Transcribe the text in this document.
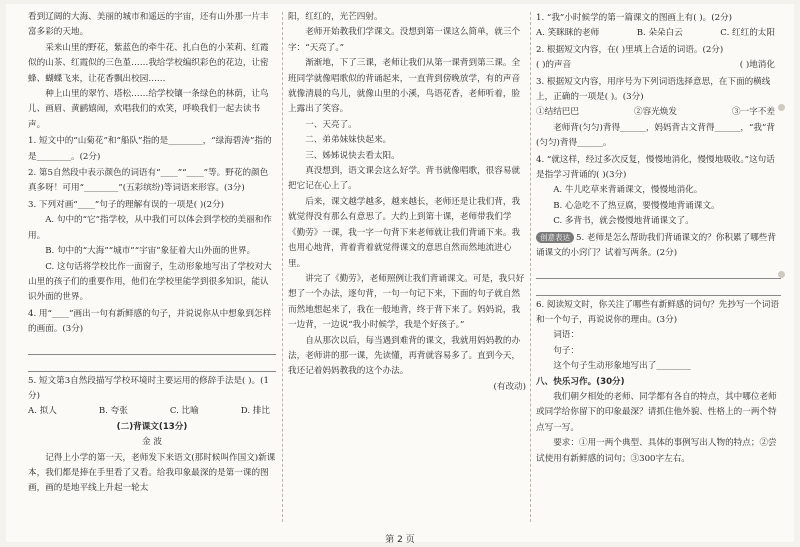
看到辽阔的大海、美丽的城市和遥远的宇宙，还有山外那一片丰富多彩的天地。

采来山里的野花，紫蓝色的牵牛花、扎白色的小茉莉、红霞似的山茶、红霞似的三色堇……我给学校编织彩色的花边，让密蜂、蝴蝶飞来，让花香飘出校园……

种上山里的翠竹、塔松……给学校镶一条绿色的林荫，让鸟儿、画眉、黄鹂嬉闹，欢唱我们的欢笑，呼唤我们一起去读书声。

1. 短文中的“山菊花”和“船队”指的是________，“绿海碧涛”指的是________。(2分)

2. 第5自然段中表示颜色的词语有“____”“____”等。野花的颜色真多呀！可用“________”(五彩缤纷)等词语来形容。(3分)

3. 下列对画“____”句子的理解有误的一项是( )(2分)

A. 句中的“它”指学校，从中我们可以体会到学校的美丽和作用。

B. 句中的“大海”“城市”“宇宙”象征着大山外面的世界。

C. 这句话将学校比作一面窗子，生动形象地写出了学校对大山里的孩子们的重要作用，他们在学校里能学到很多知识，能认识外面的世界。

4. 用“____”画出一句有新鲜感的句子，并说说你从中想象到怎样的画面。(3分)

5. 短文第3自然段描写学校环境时主要运用的修辞手法是( )。(1分)

A. 拟人	B. 夸张	C. 比喻	D. 排比

(二)背课文(13分)

金 波

记得上小学的第一天，老师发下来语文(那时候叫作国文)新课本，我们都是捧在手里看了又看。给我印象最深的是第一课的图画，画的是地平线上升起一轮太

阳，红红的，光芒四射。

老师开始教我们学课文。没想到第一课这么简单，就三个字：“天亮了。”

渐渐地，下了三课，老师让我们从第一课背到第三课。全班同学就像唱歌似的背诵起来，一直背到傍晚放学，有的声音就像清晨的鸟儿，就像山里的小溪，鸟语花香，老师听着，脸上露出了笑容。

一、天亮了。

二、弟弟妹妹快起来。

三、姊姊说快去看太阳。

真没想到，语文课会这么好学。背书就像唱歌，很容易就把它记在心上了。

后来，课文越学越多，越来越长，老师还是让我们背，我就觉得没有那么有意思了。大约上到第十课，老师带我们学《勤劳》一课，我一字一句背下来老师就让我们背诵下来。我也用心地背，背着背着就觉得课文的意思自然而然地流进心里。

讲完了《勤劳》，老师照例让我们背诵课文。可是，我只好想了一个办法，逐句背，一句一句记下来，下面的句子就自然而然地想起来了，我在一般地背，终于背下来了。妈妈说，我一边背，一边说“我小时候学，我是个好孩子。”

自从那次以后，每当遇到难背的课文，我就用妈妈教的办法，老师讲的那一课，先读懂，再背就容易多了。直到今天，我还记着妈妈教我的这个办法。

(有改动)

1. “我”小时候学的第一篇课文的图画上有( )。(2分)

A. 笑眯眯的老师	B. 朵朵白云	C. 红红的太阳

2. 根据短文内容，在( )里填上合适的词语。(2分)

( )的声音	( )地消化

3. 根据短文内容，用序号为下列词语选择意思，在下面的横线上，正确的一项是( )。(3分)

①结结巴巴	②容光焕发	③一字不差

老师背(匀匀)背得______，妈妈背古文背得______，“我”背(匀匀)背得______。

4. “就这样，经过多次反复，慢慢地消化，慢慢地吸收。”这句话是指学习背诵的( )(3分)

A. 牛儿吃草来背诵课文，慢慢地消化。

B. 心急吃不了热豆腐，要慢慢地背诵课文。

C. 多背书，就会慢慢地背诵课文了。

创意表达 5. 老师是怎么帮助我们背诵课文的？你积累了哪些背诵课文的小窍门？试着写两条。(2分)

6. 阅读短文时，你关注了哪些有新鲜感的词句？先抄写一个词语和一个句子，再说说你的理由。(3分)

词语：

句子：

这个句子生动形象地写出了________

八、快乐习作。(30分)

我们朝夕相处的老师、同学都有各自的特点，其中哪位老师或同学给你留下的印象最深？请抓住他外貌、性格上的一两个特点写一写。

要求：①用一两个典型、具体的事例写出人物的特点；②尝试使用有新鲜感的词句；③300字左右。

第 2 页
